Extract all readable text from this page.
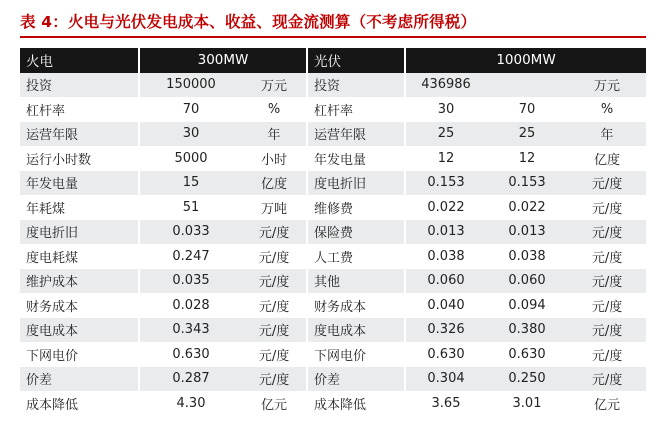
表 4：火电与光伏发电成本、收益、现金流测算（不考虑所得税）
火电	300MW		光伏	1000MW		
投资	150000	万元	投资	436986		万元
杠杆率	70	%	杠杆率	30	70	%
运营年限	30	年	运营年限	25	25	年
运行小时数	5000	小时	年发电量	12	12	亿度
年发电量	15	亿度	度电折旧	0.153	0.153	元/度
年耗煤	51	万吨	维修费	0.022	0.022	元/度
度电折旧	0.033	元/度	保险费	0.013	0.013	元/度
度电耗煤	0.247	元/度	人工费	0.038	0.038	元/度
维护成本	0.035	元/度	其他	0.060	0.060	元/度
财务成本	0.028	元/度	财务成本	0.040	0.094	元/度
度电成本	0.343	元/度	度电成本	0.326	0.380	元/度
下网电价	0.630	元/度	下网电价	0.630	0.630	元/度
价差	0.287	元/度	价差	0.304	0.250	元/度
成本降低	4.30	亿元	成本降低	3.65	3.01	亿元
